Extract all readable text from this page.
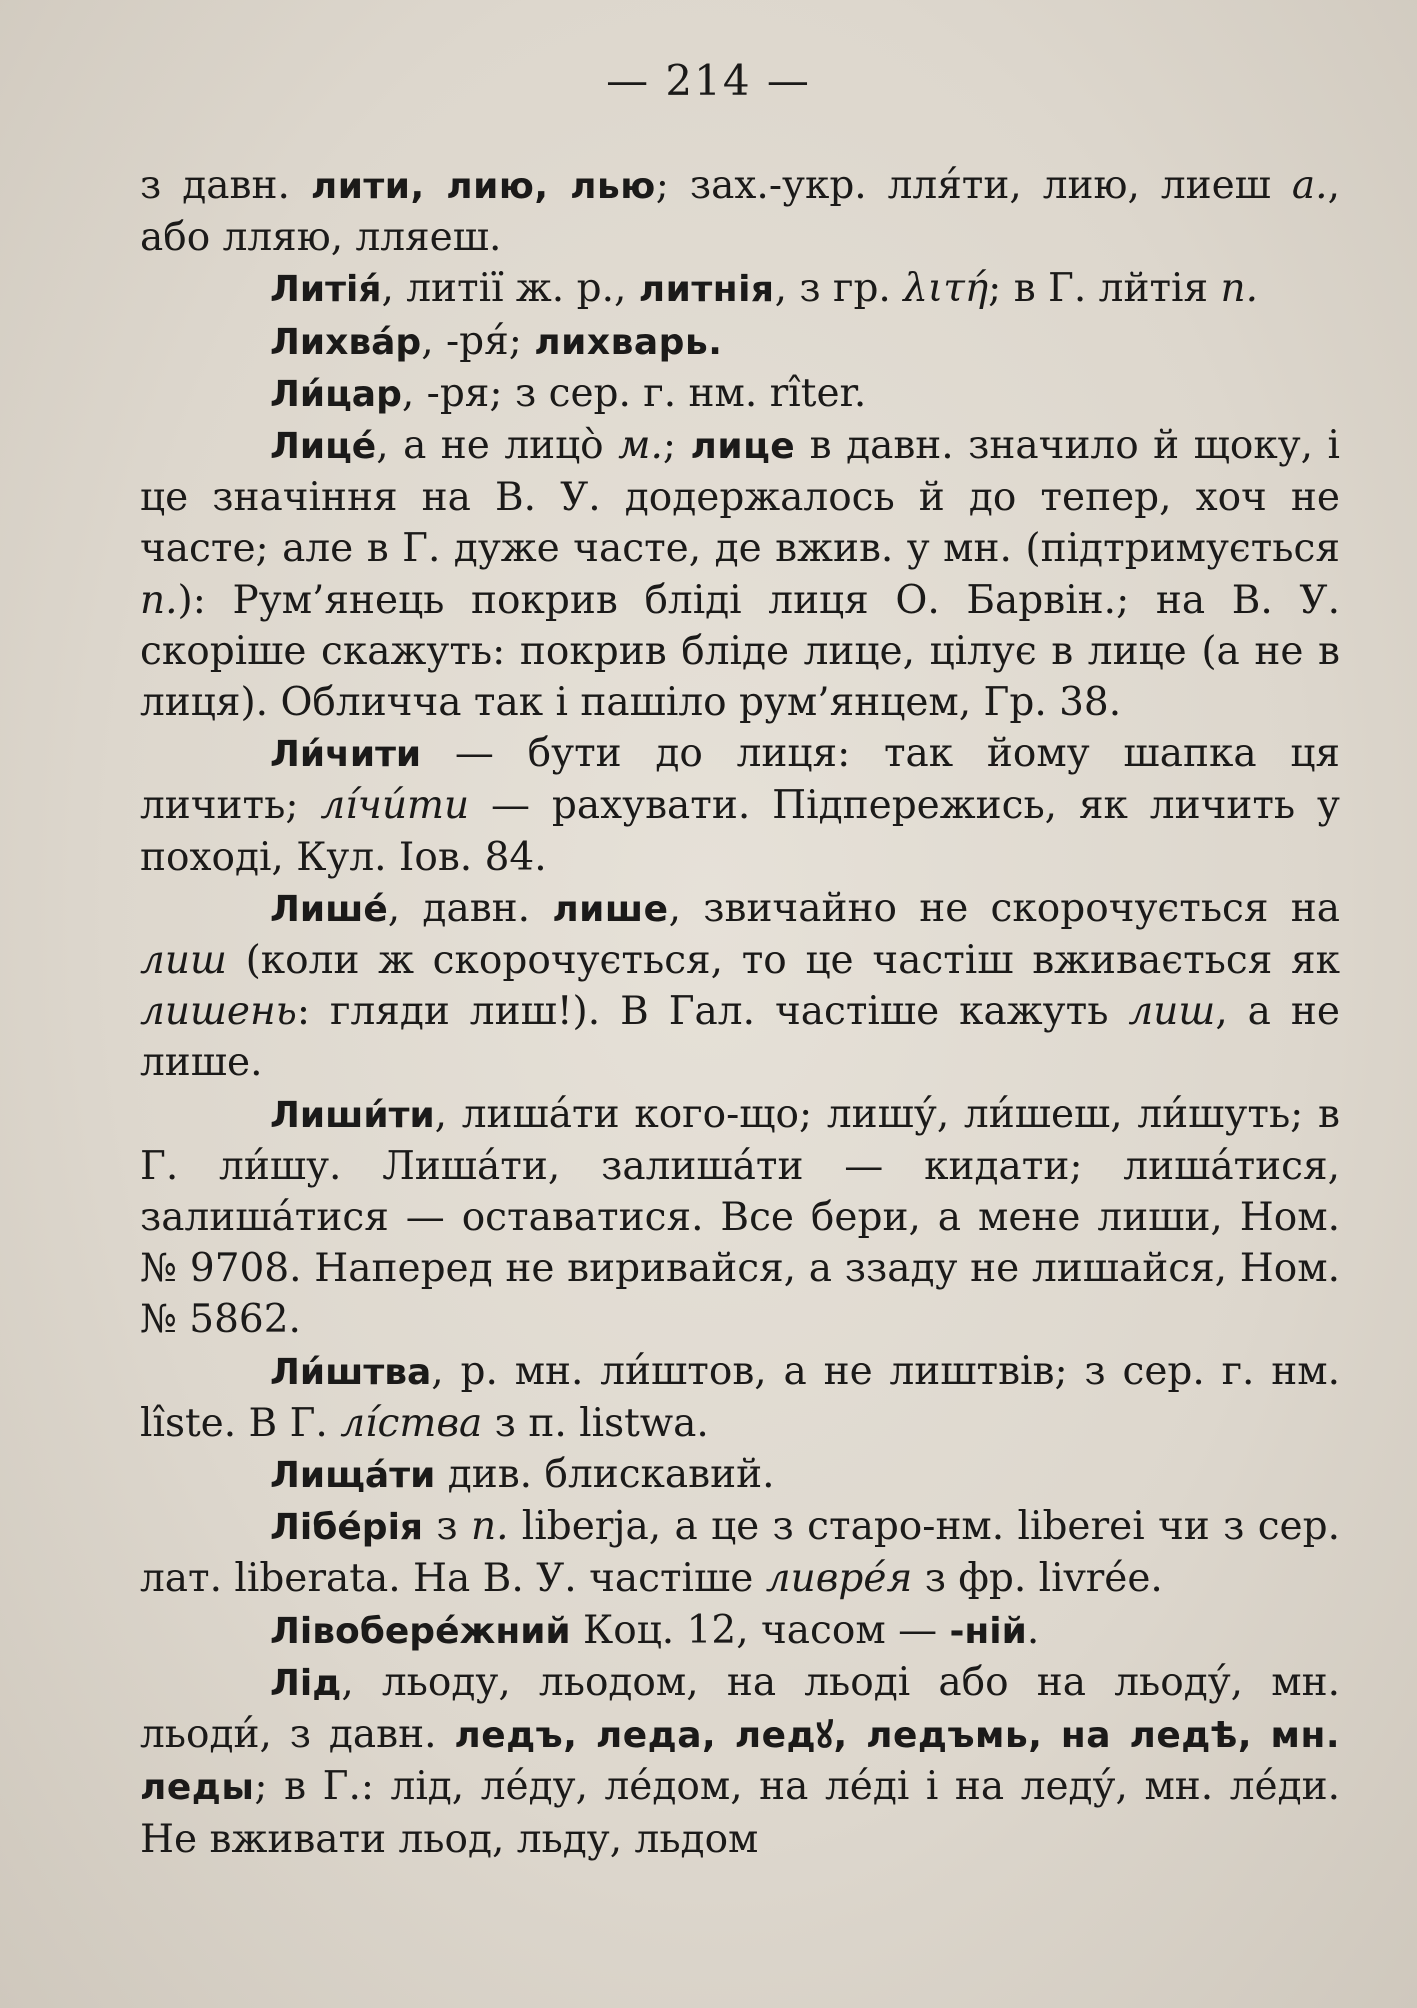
— 214 —

з давн. лити, лию, лью; зах.-укр. лля́ти, лию, лиеш а., або лляю, лляеш.

Литія́, литії ж. р., литнія, з гр. λιτή; в Г. лйтія п.

Лихва́р, -ря́; лихварь.

Ли́цар, -ря; з сер. г. нм. rîter.

Лице́, а не лицо̀ м.; лице в давн. значило й щоку, і це значіння на В. У. додержалось й до тепер, хоч не часте; але в Г. дуже часте, де вжив. у мн. (підтримується п.): Рум’янець покрив бліді лиця О. Барвін.; на В. У. скоріше скажуть: покрив бліде лице, цілує в лице (а не в лиця). Обличча так і пашіло рум’янцем, Гр. 38.

Ли́чити — бути до лиця: так йому шапка ця личить; лі́чи́ти — рахувати. Підпережись, як личить у поході, Кул. Іов. 84.

Лише́, давн. лише, звичайно не скорочується на лиш (коли ж скорочується, то це частіш вживається як лишень: гляди лиш!). В Гал. частіше кажуть лиш, а не лише.

Лиши́ти, лиша́ти кого-що; лишу́, ли́шеш, ли́шуть; в Г. ли́шу. Лиша́ти, залиша́ти — кидати; лиша́тися, залиша́тися — оставатися. Все бери, а мене лиши, Ном. № 9708. Наперед не виривайся, а ззаду не лишайся, Ном. № 5862.

Ли́штва, р. мн. ли́штов, а не лиштвів; з сер. г. нм. lîste. В Г. лі́ства з п. listwa.

Лища́ти див. блискавий.

Лібе́рія з п. liberja, а це з старо-нм. liberei чи з сер. лат. liberata. На В. У. частіше ливре́я з фр. livrée.

Лівобере́жний Коц. 12, часом — -ній.

Лід, льоду, льодом, на льоді або на льоду́, мн. льоди́, з давн. ледъ, леда, ледꙋ, ледъмь, на ледѣ, мн. леды; в Г.: лід, ле́ду, ле́дом, на ле́ді і на леду́, мн. ле́ди. Не вживати льод, льду, льдом
